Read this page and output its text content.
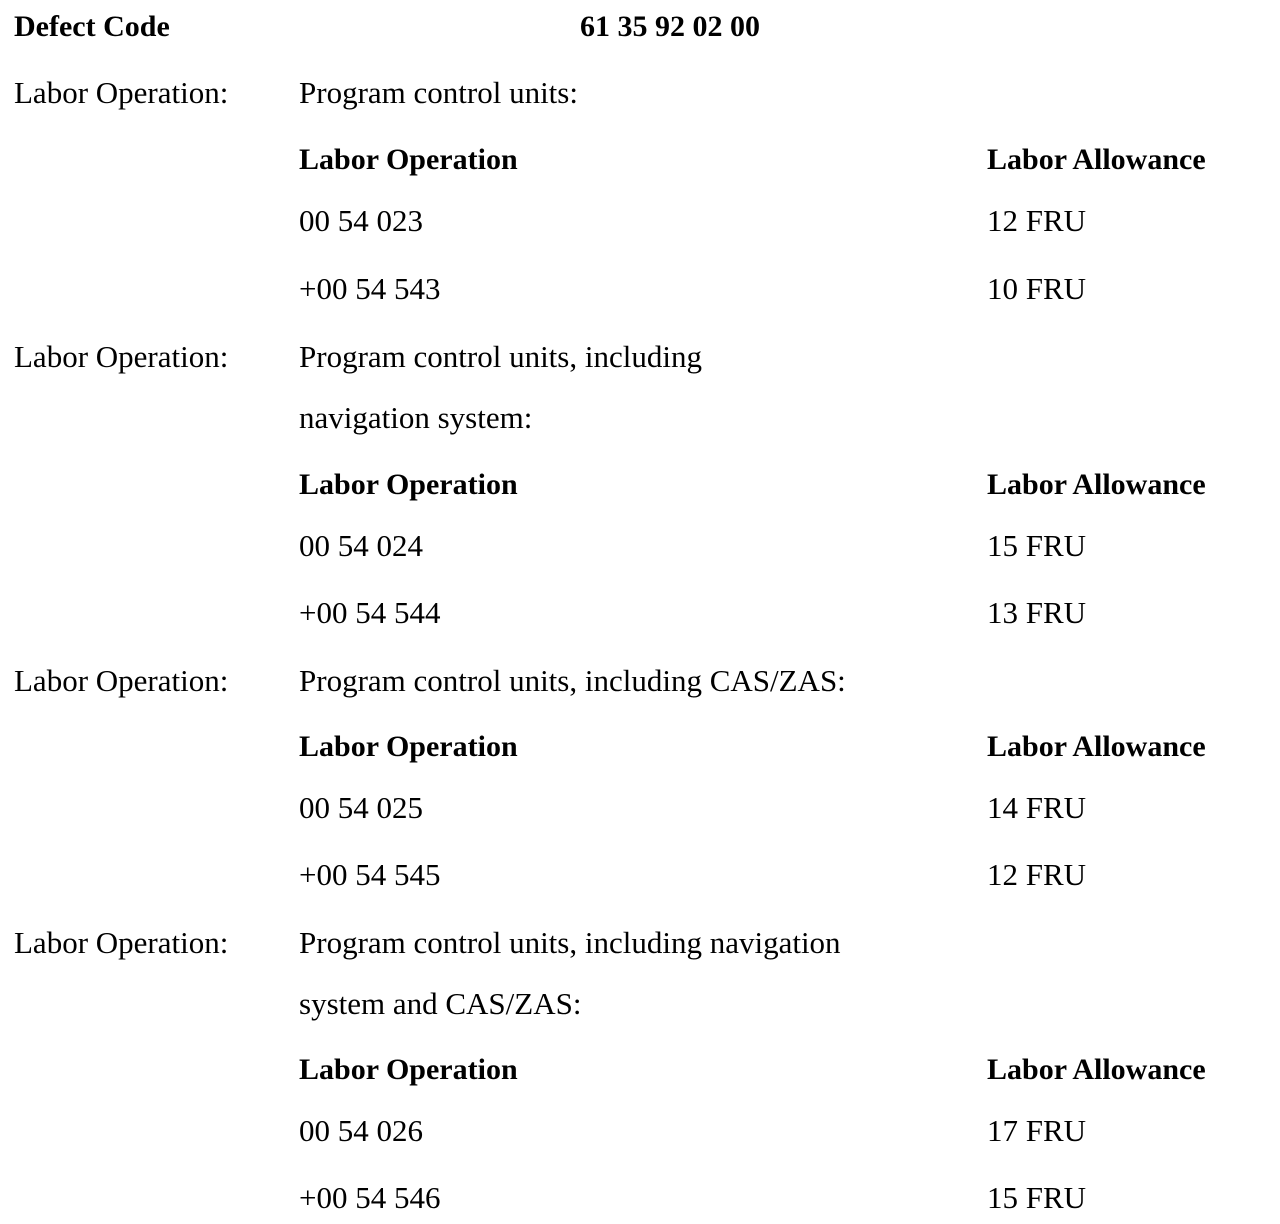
Defect Code	61 35 92 02 00
Labor Operation: Program control units:
Labor Operation	Labor Allowance
00 54 023	12 FRU
+00 54 543	10 FRU
Labor Operation: Program control units, including
navigation system:
Labor Operation	Labor Allowance
00 54 024	15 FRU
+00 54 544	13 FRU
Labor Operation: Program control units, including CAS/ZAS:
Labor Operation	Labor Allowance
00 54 025	14 FRU
+00 54 545	12 FRU
Labor Operation: Program control units, including navigation
system and CAS/ZAS:
Labor Operation	Labor Allowance
00 54 026	17 FRU
+00 54 546	15 FRU
